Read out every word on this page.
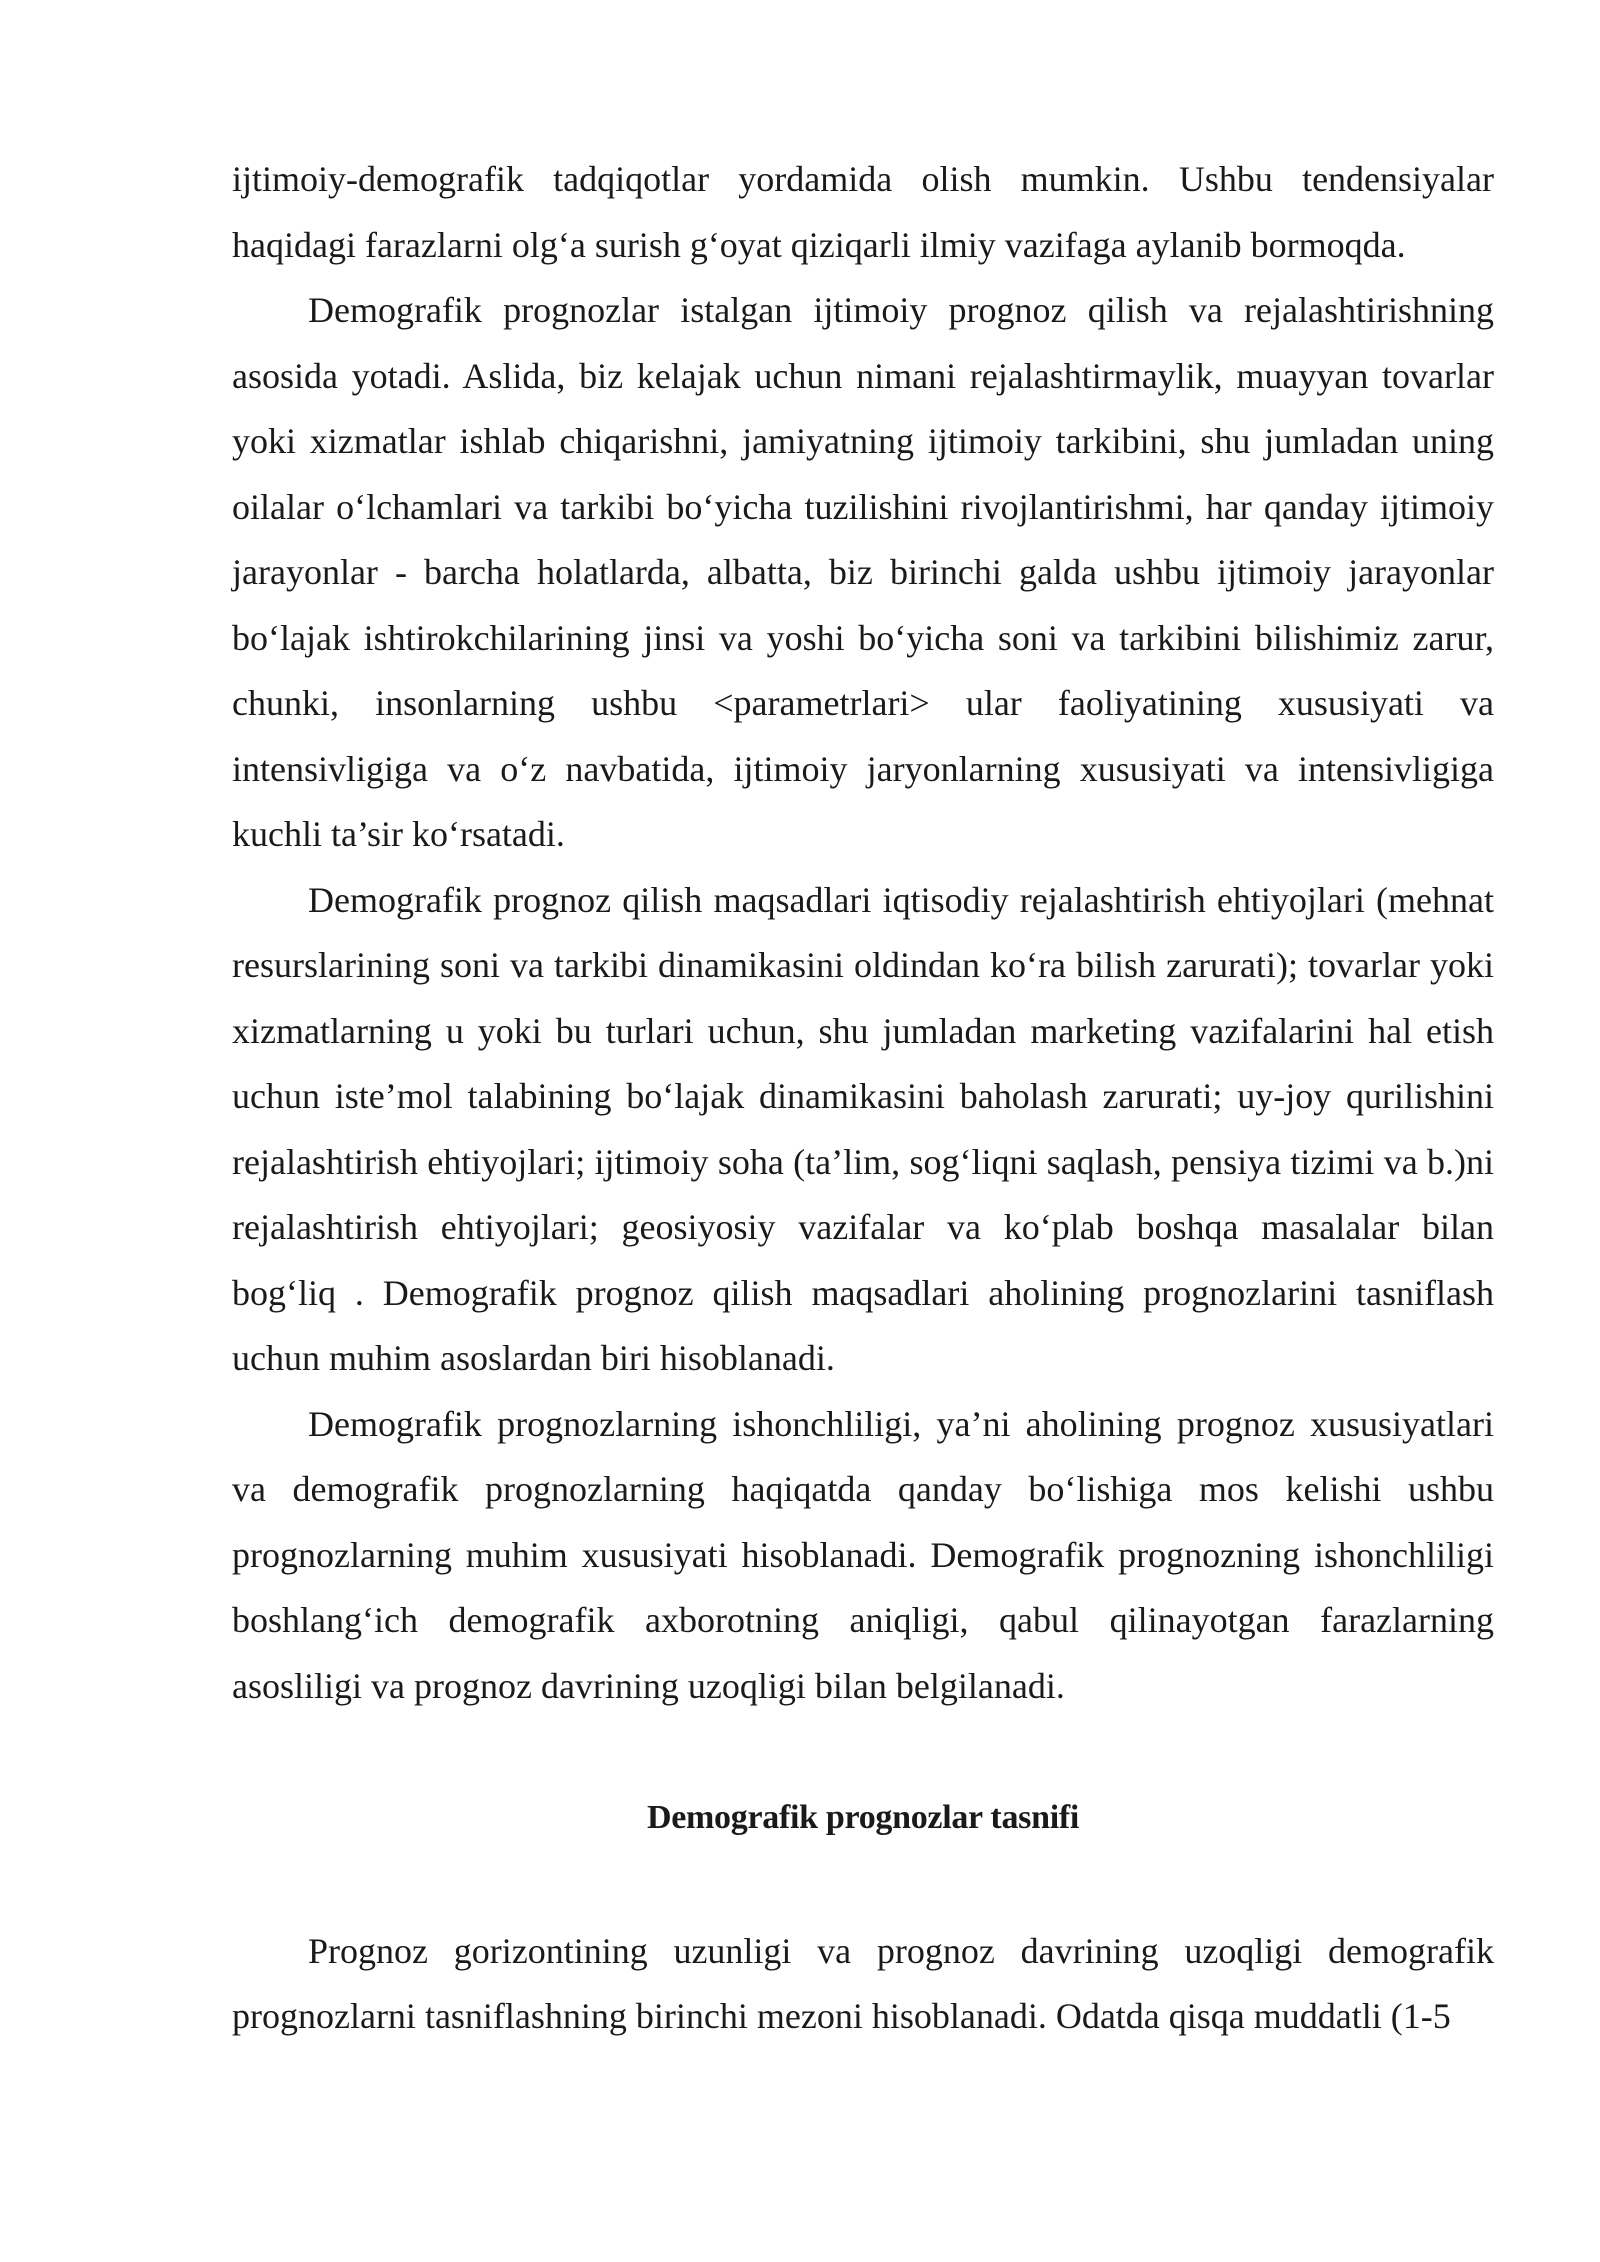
ijtimoiy-demografik tadqiqotlar yordamida olish mumkin. Ushbu tendensiyalar haqidagi farazlarni olg‘a surish g‘oyat qiziqarli ilmiy vazifaga aylanib bormoqda.

Demografik prognozlar istalgan ijtimoiy prognoz qilish va rejalashtirishning asosida yotadi. Aslida, biz kelajak uchun nimani rejalashtirmaylik, muayyan tovarlar yoki xizmatlar ishlab chiqarishni, jamiyatning ijtimoiy tarkibini, shu jumladan uning oilalar o‘lchamlari va tarkibi bo‘yicha tuzilishini rivojlantirishmi, har qanday ijtimoiy jarayonlar - barcha holatlarda, albatta, biz birinchi galda ushbu ijtimoiy jarayonlar bo‘lajak ishtirokchilarining jinsi va yoshi bo‘yicha soni va tarkibini bilishimiz zarur, chunki, insonlarning ushbu <parametrlari> ular faoliyatining xususiyati va intensivligiga va o‘z navbatida, ijtimoiy jaryonlarning xususiyati va intensivligiga kuchli ta’sir ko‘rsatadi.

Demografik prognoz qilish maqsadlari iqtisodiy rejalashtirish ehtiyojlari (mehnat resurslarining soni va tarkibi dinamikasini oldindan ko‘ra bilish zarurati); tovarlar yoki xizmatlarning u yoki bu turlari uchun, shu jumladan marketing vazifalarini hal etish uchun iste’mol talabining bo‘lajak dinamikasini baholash zarurati; uy-joy qurilishini rejalashtirish ehtiyojlari; ijtimoiy soha (ta’lim, sog‘liqni saqlash, pensiya tizimi va b.)ni rejalashtirish ehtiyojlari; geosiyosiy vazifalar va ko‘plab boshqa masalalar bilan bog‘liq . Demografik prognoz qilish maqsadlari aholining prognozlarini tasniflash uchun muhim asoslardan biri hisoblanadi.

Demografik prognozlarning ishonchliligi, ya’ni aholining prognoz xususiyatlari va demografik prognozlarning haqiqatda qanday bo‘lishiga mos kelishi ushbu prognozlarning muhim xususiyati hisoblanadi. Demografik prognozning ishonchliligi boshlang‘ich demografik axborotning aniqligi, qabul qilinayotgan farazlarning asosliligi va prognoz davrining uzoqligi bilan belgilanadi.

Demografik prognozlar tasnifi

Prognoz gorizontining uzunligi va prognoz davrining uzoqligi demografik prognozlarni tasniflashning birinchi mezoni hisoblanadi. Odatda qisqa muddatli (1-5
